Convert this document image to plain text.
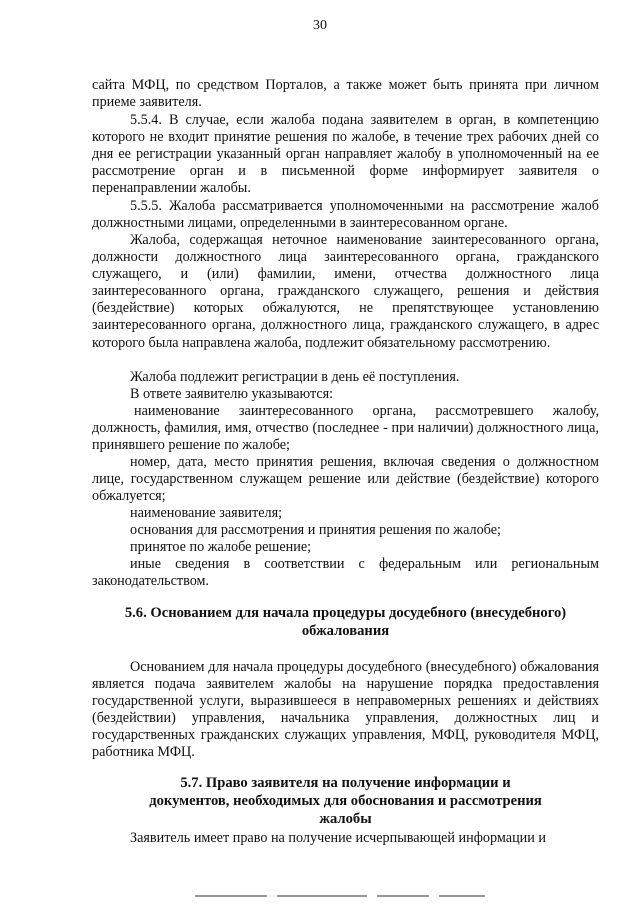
30

сайта МФЦ, по средством Порталов, а также может быть принята при личном приеме заявителя.

5.5.4. В случае, если жалоба подана заявителем в орган, в компетенцию которого не входит принятие решения по жалобе, в течение трех рабочих дней со дня ее регистрации указанный орган направляет жалобу в уполномоченный на ее рассмотрение орган и в письменной форме информирует заявителя о перенаправлении жалобы.

5.5.5. Жалоба рассматривается уполномоченными на рассмотрение жалоб должностными лицами, определенными в заинтересованном органе.

Жалоба, содержащая неточное наименование заинтересованного органа, должности должностного лица заинтересованного органа, гражданского служащего, и (или) фамилии, имени, отчества должностного лица заинтересованного органа, гражданского служащего, решения и действия (бездействие) которых обжалуются, не препятствующее установлению заинтересованного органа, должностного лица, гражданского служащего, в адрес которого была направлена жалоба, подлежит обязательному рассмотрению.

Жалоба подлежит регистрации в день её поступления.

В ответе заявителю указываются:

наименование заинтересованного органа, рассмотревшего жалобу, должность, фамилия, имя, отчество (последнее - при наличии) должностного лица, принявшего решение по жалобе;

номер, дата, место принятия решения, включая сведения о должностном лице, государственном служащем решение или действие (бездействие) которого обжалуется;

наименование заявителя;

основания для рассмотрения и принятия решения по жалобе;

принятое по жалобе решение;

иные сведения в соответствии с федеральным или региональным законодательством.

5.6. Основанием для начала процедуры досудебного (внесудебного) обжалования

Основанием для начала процедуры досудебного (внесудебного) обжалования является подача заявителем жалобы на нарушение порядка предоставления государственной услуги, выразившееся в неправомерных решениях и действиях (бездействии) управления, начальника управления, должностных лиц и государственных гражданских служащих управления, МФЦ, руководителя МФЦ, работника МФЦ.

5.7. Право заявителя на получение информации и документов, необходимых для обоснования и рассмотрения жалобы

Заявитель имеет право на получение исчерпывающей информации и
